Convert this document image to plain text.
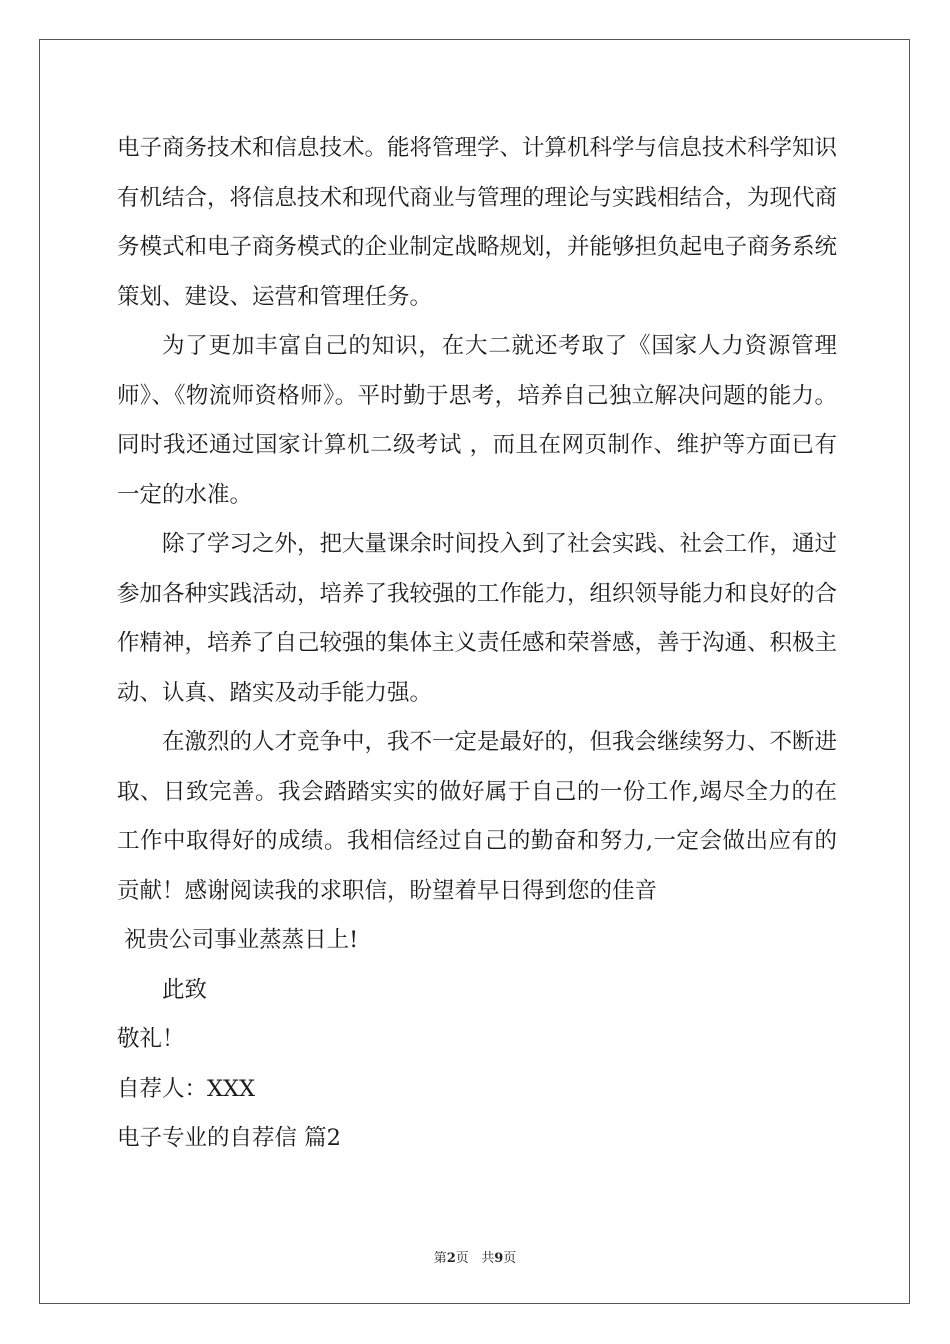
电子商务技术和信息技术。能将管理学、计算机科学与信息技术科学知识有机结合，将信息技术和现代商业与管理的理论与实践相结合，为现代商务模式和电子商务模式的企业制定战略规划，并能够担负起电子商务系统策划、建设、运营和管理任务。

为了更加丰富自己的知识，在大二就还考取了《国家人力资源管理师》、《物流师资格师》。平时勤于思考，培养自己独立解决问题的能力。 同时我还通过国家计算机二级考试 ，而且在网页制作、维护等方面已有一定的水准。

除了学习之外，把大量课余时间投入到了社会实践、社会工作，通过参加各种实践活动，培养了我较强的工作能力，组织领导能力和良好的合作精神，培养了自己较强的集体主义责任感和荣誉感，善于沟通、积极主动、认真、踏实及动手能力强。

在激烈的人才竞争中，我不一定是最好的，但我会继续努力、不断进取、日致完善。我会踏踏实实的做好属于自己的一份工作,竭尽全力的在工作中取得好的成绩。我相信经过自己的勤奋和努力,一定会做出应有的贡献！感谢阅读我的求职信，盼望着早日得到您的佳音

祝贵公司事业蒸蒸日上!

此致

敬礼！

自荐人：XXX

电子专业的自荐信 篇2

第2页 共9页
